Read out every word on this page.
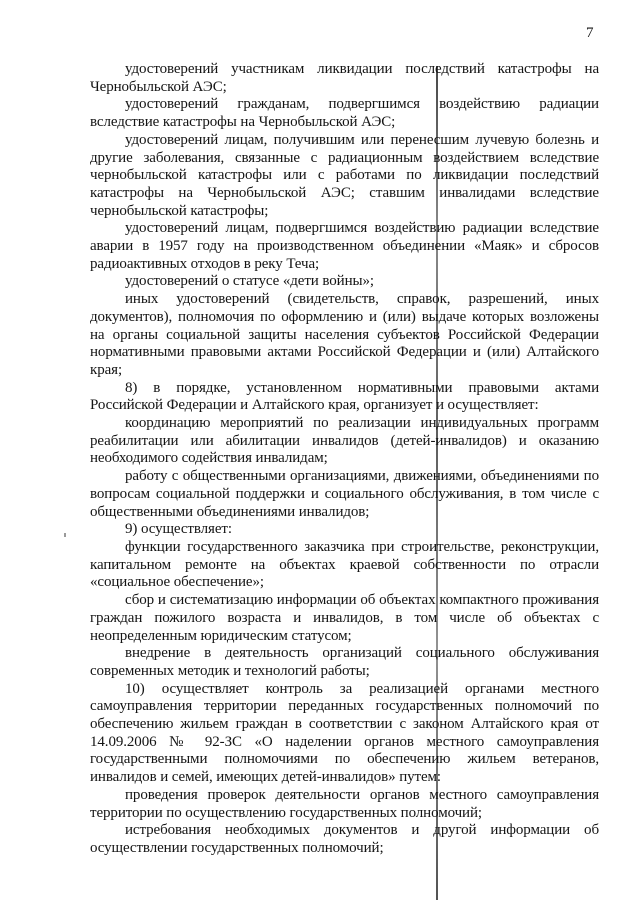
7

удостоверений участникам ликвидации последствий катастрофы на Чернобыльской АЭС;

удостоверений гражданам, подвергшимся воздействию радиации вследствие катастрофы на Чернобыльской АЭС;

удостоверений лицам, получившим или перенесшим лучевую болезнь и другие заболевания, связанные с радиационным воздействием вследствие чернобыльской катастрофы или с работами по ликвидации последствий катастрофы на Чернобыльской АЭС; ставшим инвалидами вследствие чернобыльской катастрофы;

удостоверений лицам, подвергшимся воздействию радиации вследствие аварии в 1957 году на производственном объединении «Маяк» и сбросов радиоактивных отходов в реку Теча;

удостоверений о статусе «дети войны»;

иных удостоверений (свидетельств, справок, разрешений, иных документов), полномочия по оформлению и (или) выдаче которых возложены на органы социальной защиты населения субъектов Российской Федерации нормативными правовыми актами Российской Федерации и (или) Алтайского края;

8) в порядке, установленном нормативными правовыми актами Российской Федерации и Алтайского края, организует и осуществляет:

координацию мероприятий по реализации индивидуальных программ реабилитации или абилитации инвалидов (детей-инвалидов) и оказанию необходимого содействия инвалидам;

работу с общественными организациями, движениями, объединениями по вопросам социальной поддержки и социального обслуживания, в том числе с общественными объединениями инвалидов;

9) осуществляет:

функции государственного заказчика при строительстве, реконструкции, капитальном ремонте на объектах краевой собственности по отрасли «социальное обеспечение»;

сбор и систематизацию информации об объектах компактного проживания граждан пожилого возраста и инвалидов, в том числе об объектах с неопределенным юридическим статусом;

внедрение в деятельность организаций социального обслуживания современных методик и технологий работы;

10) осуществляет контроль за реализацией органами местного самоуправления территории переданных государственных полномочий по обеспечению жильем граждан в соответствии с законом Алтайского края от 14.09.2006 № 92-ЗС «О наделении органов местного самоуправления государственными полномочиями по обеспечению жильем ветеранов, инвалидов и семей, имеющих детей-инвалидов» путем:

проведения проверок деятельности органов местного самоуправления территории по осуществлению государственных полномочий;

истребования необходимых документов и другой информации об осуществлении государственных полномочий;
